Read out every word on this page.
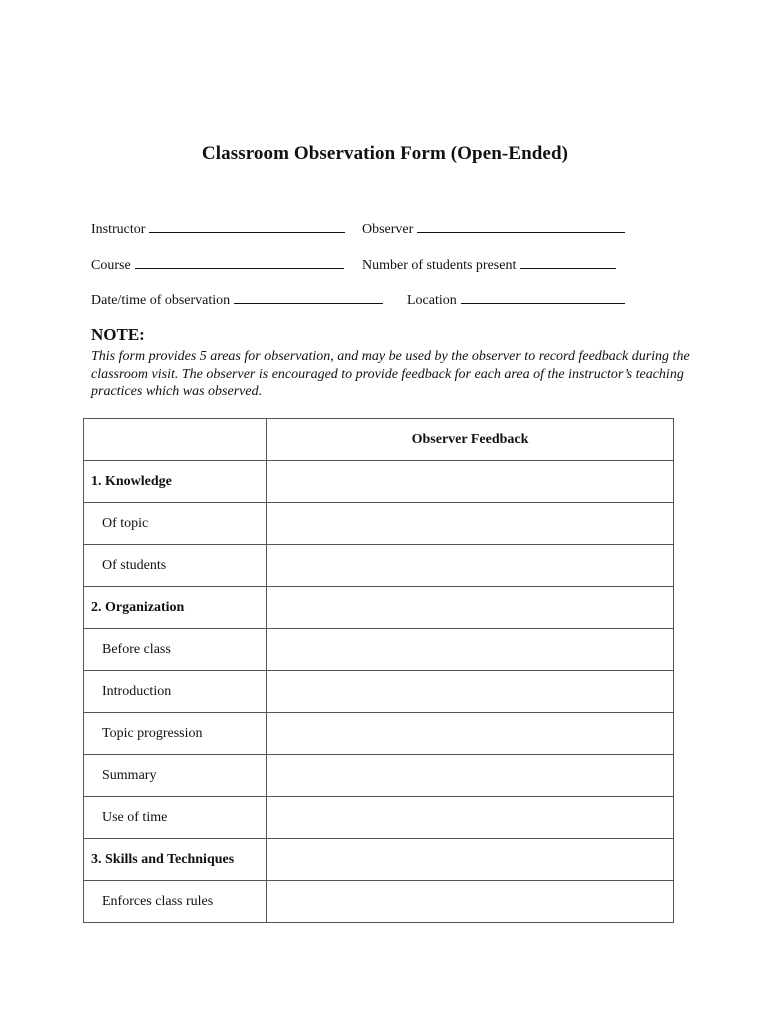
Classroom Observation Form (Open-Ended)
Instructor	Observer
Course	Number of students present
Date/time of observation	Location
NOTE:
This form provides 5 areas for observation, and may be used by the observer to record feedback during the classroom visit. The observer is encouraged to provide feedback for each area of the instructor’s teaching practices which was observed.
	Observer Feedback
1. Knowledge	
Of topic	
Of students	
2. Organization	
Before class	
Introduction	
Topic progression	
Summary	
Use of time	
3. Skills and Techniques	
Enforces class rules	
